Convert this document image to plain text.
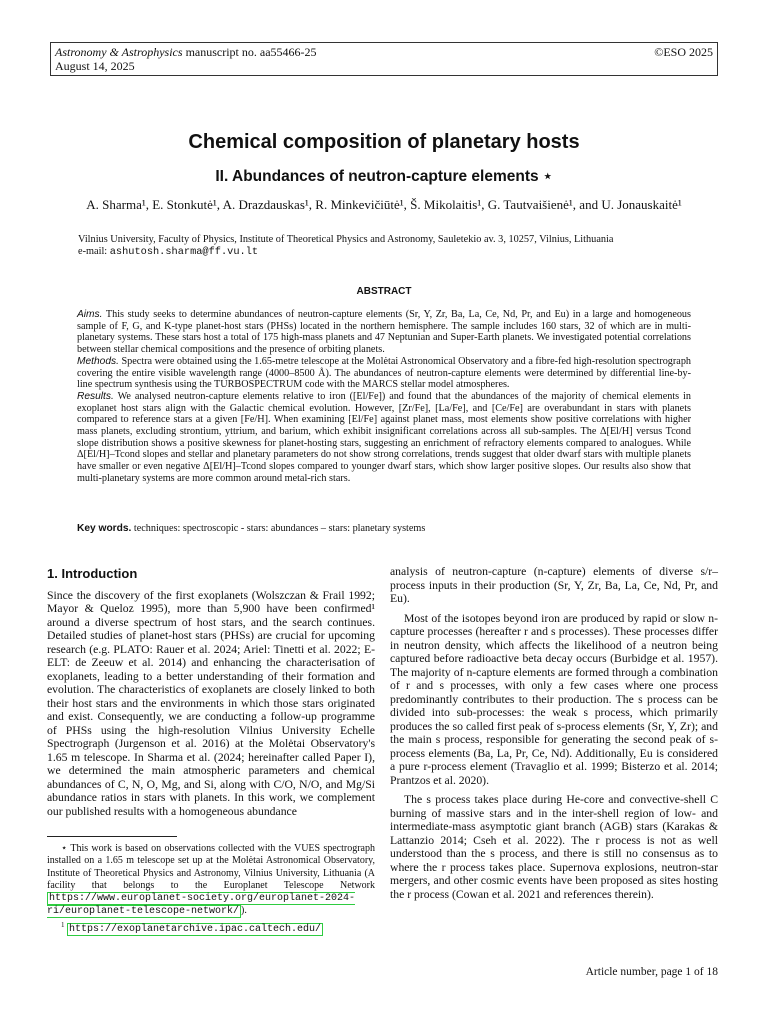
Astronomy & Astrophysics manuscript no. aa55466-25
August 14, 2025
©ESO 2025
Chemical composition of planetary hosts
II. Abundances of neutron-capture elements ⋆
A. Sharma¹, E. Stonkutė¹, A. Drazdauskas¹, R. Minkevičiūtė¹, Š. Mikolaitis¹, G. Tautvaišienė¹, and U. Jonauskaitė¹
Vilnius University, Faculty of Physics, Institute of Theoretical Physics and Astronomy, Sauletekio av. 3, 10257, Vilnius, Lithuania
e-mail: ashutosh.sharma@ff.vu.lt
ABSTRACT

Aims. This study seeks to determine abundances of neutron-capture elements (Sr, Y, Zr, Ba, La, Ce, Nd, Pr, and Eu) in a large and homogeneous sample of F, G, and K-type planet-host stars (PHSs) located in the northern hemisphere. The sample includes 160 stars, 32 of which are in multi-planetary systems. These stars host a total of 175 high-mass planets and 47 Neptunian and Super-Earth planets. We investigated potential correlations between stellar chemical compositions and the presence of orbiting planets.

Methods. Spectra were obtained using the 1.65-metre telescope at the Molėtai Astronomical Observatory and a fibre-fed high-resolution spectrograph covering the entire visible wavelength range (4000–8500 Å). The abundances of neutron-capture elements were determined by differential line-by-line spectrum synthesis using the TURBOSPECTRUM code with the MARCS stellar model atmospheres.

Results. We analysed neutron-capture elements relative to iron ([El/Fe]) and found that the abundances of the majority of chemical elements in exoplanet host stars align with the Galactic chemical evolution. However, [Zr/Fe], [La/Fe], and [Ce/Fe] are overabundant in stars with planets compared to reference stars at a given [Fe/H]. When examining [El/Fe] against planet mass, most elements show positive correlations with higher mass planets, excluding strontium, yttrium, and barium, which exhibit insignificant correlations across all sub-samples. The Δ[El/H] versus Tcond slope distribution shows a positive skewness for planet-hosting stars, suggesting an enrichment of refractory elements compared to analogues. While Δ[El/H]–Tcond slopes and stellar and planetary parameters do not show strong correlations, trends suggest that older dwarf stars with multiple planets have smaller or even negative Δ[El/H]–Tcond slopes compared to younger dwarf stars, which show larger positive slopes. Our results also show that multi-planetary systems are more common around metal-rich stars.

Key words. techniques: spectroscopic - stars: abundances – stars: planetary systems

1. Introduction

Since the discovery of the first exoplanets (Wolszczan & Frail 1992; Mayor & Queloz 1995), more than 5,900 have been confirmed¹ around a diverse spectrum of host stars, and the search continues. Detailed studies of planet-host stars (PHSs) are crucial for upcoming research (e.g. PLATO: Rauer et al. 2024; Ariel: Tinetti et al. 2022; E-ELT: de Zeeuw et al. 2014) and enhancing the characterisation of exoplanets, leading to a better understanding of their formation and evolution. The characteristics of exoplanets are closely linked to both their host stars and the environments in which those stars originated and exist. Consequently, we are conducting a follow-up programme of PHSs using the high-resolution Vilnius University Echelle Spectrograph (Jurgenson et al. 2016) at the Molėtai Observatory's 1.65 m telescope. In Sharma et al. (2024; hereinafter called Paper I), we determined the main atmospheric parameters and chemical abundances of C, N, O, Mg, and Si, along with C/O, N/O, and Mg/Si abundance ratios in stars with planets. In this work, we complement our published results with a homogeneous abundance

analysis of neutron-capture (n-capture) elements of diverse s/r–process inputs in their production (Sr, Y, Zr, Ba, La, Ce, Nd, Pr, and Eu).

Most of the isotopes beyond iron are produced by rapid or slow n-capture processes (hereafter r and s processes). These processes differ in neutron density, which affects the likelihood of a neutron being captured before radioactive beta decay occurs (Burbidge et al. 1957). The majority of n-capture elements are formed through a combination of r and s processes, with only a few cases where one process predominantly contributes to their production. The s process can be divided into sub-processes: the weak s process, which primarily produces the so called first peak of s-process elements (Sr, Y, Zr); and the main s process, responsible for generating the second peak of s-process elements (Ba, La, Pr, Ce, Nd). Additionally, Eu is considered a pure r-process element (Travaglio et al. 1999; Bisterzo et al. 2014; Prantzos et al. 2020).

The s process takes place during He-core and convective-shell C burning of massive stars and in the inter-shell region of low- and intermediate-mass asymptotic giant branch (AGB) stars (Karakas & Lattanzio 2014; Cseh et al. 2022). The r process is not as well understood than the s process, and there is still no consensus as to where the r process takes place. Supernova explosions, neutron-star mergers, and other cosmic events have been proposed as sites hosting the r process (Cowan et al. 2021 and references therein).

⋆ This work is based on observations collected with the VUES spectrograph installed on a 1.65 m telescope set up at the Molėtai Astronomical Observatory, Institute of Theoretical Physics and Astronomy, Vilnius University, Lithuania (A facility that belongs to the Europlanet Telescope Network https://www.europlanet-society.org/europlanet-2024-ri/europlanet-telescope-network/ ).

$^1$ https://exoplanetarchive.ipac.caltech.edu/

Article number, page 1 of 18
